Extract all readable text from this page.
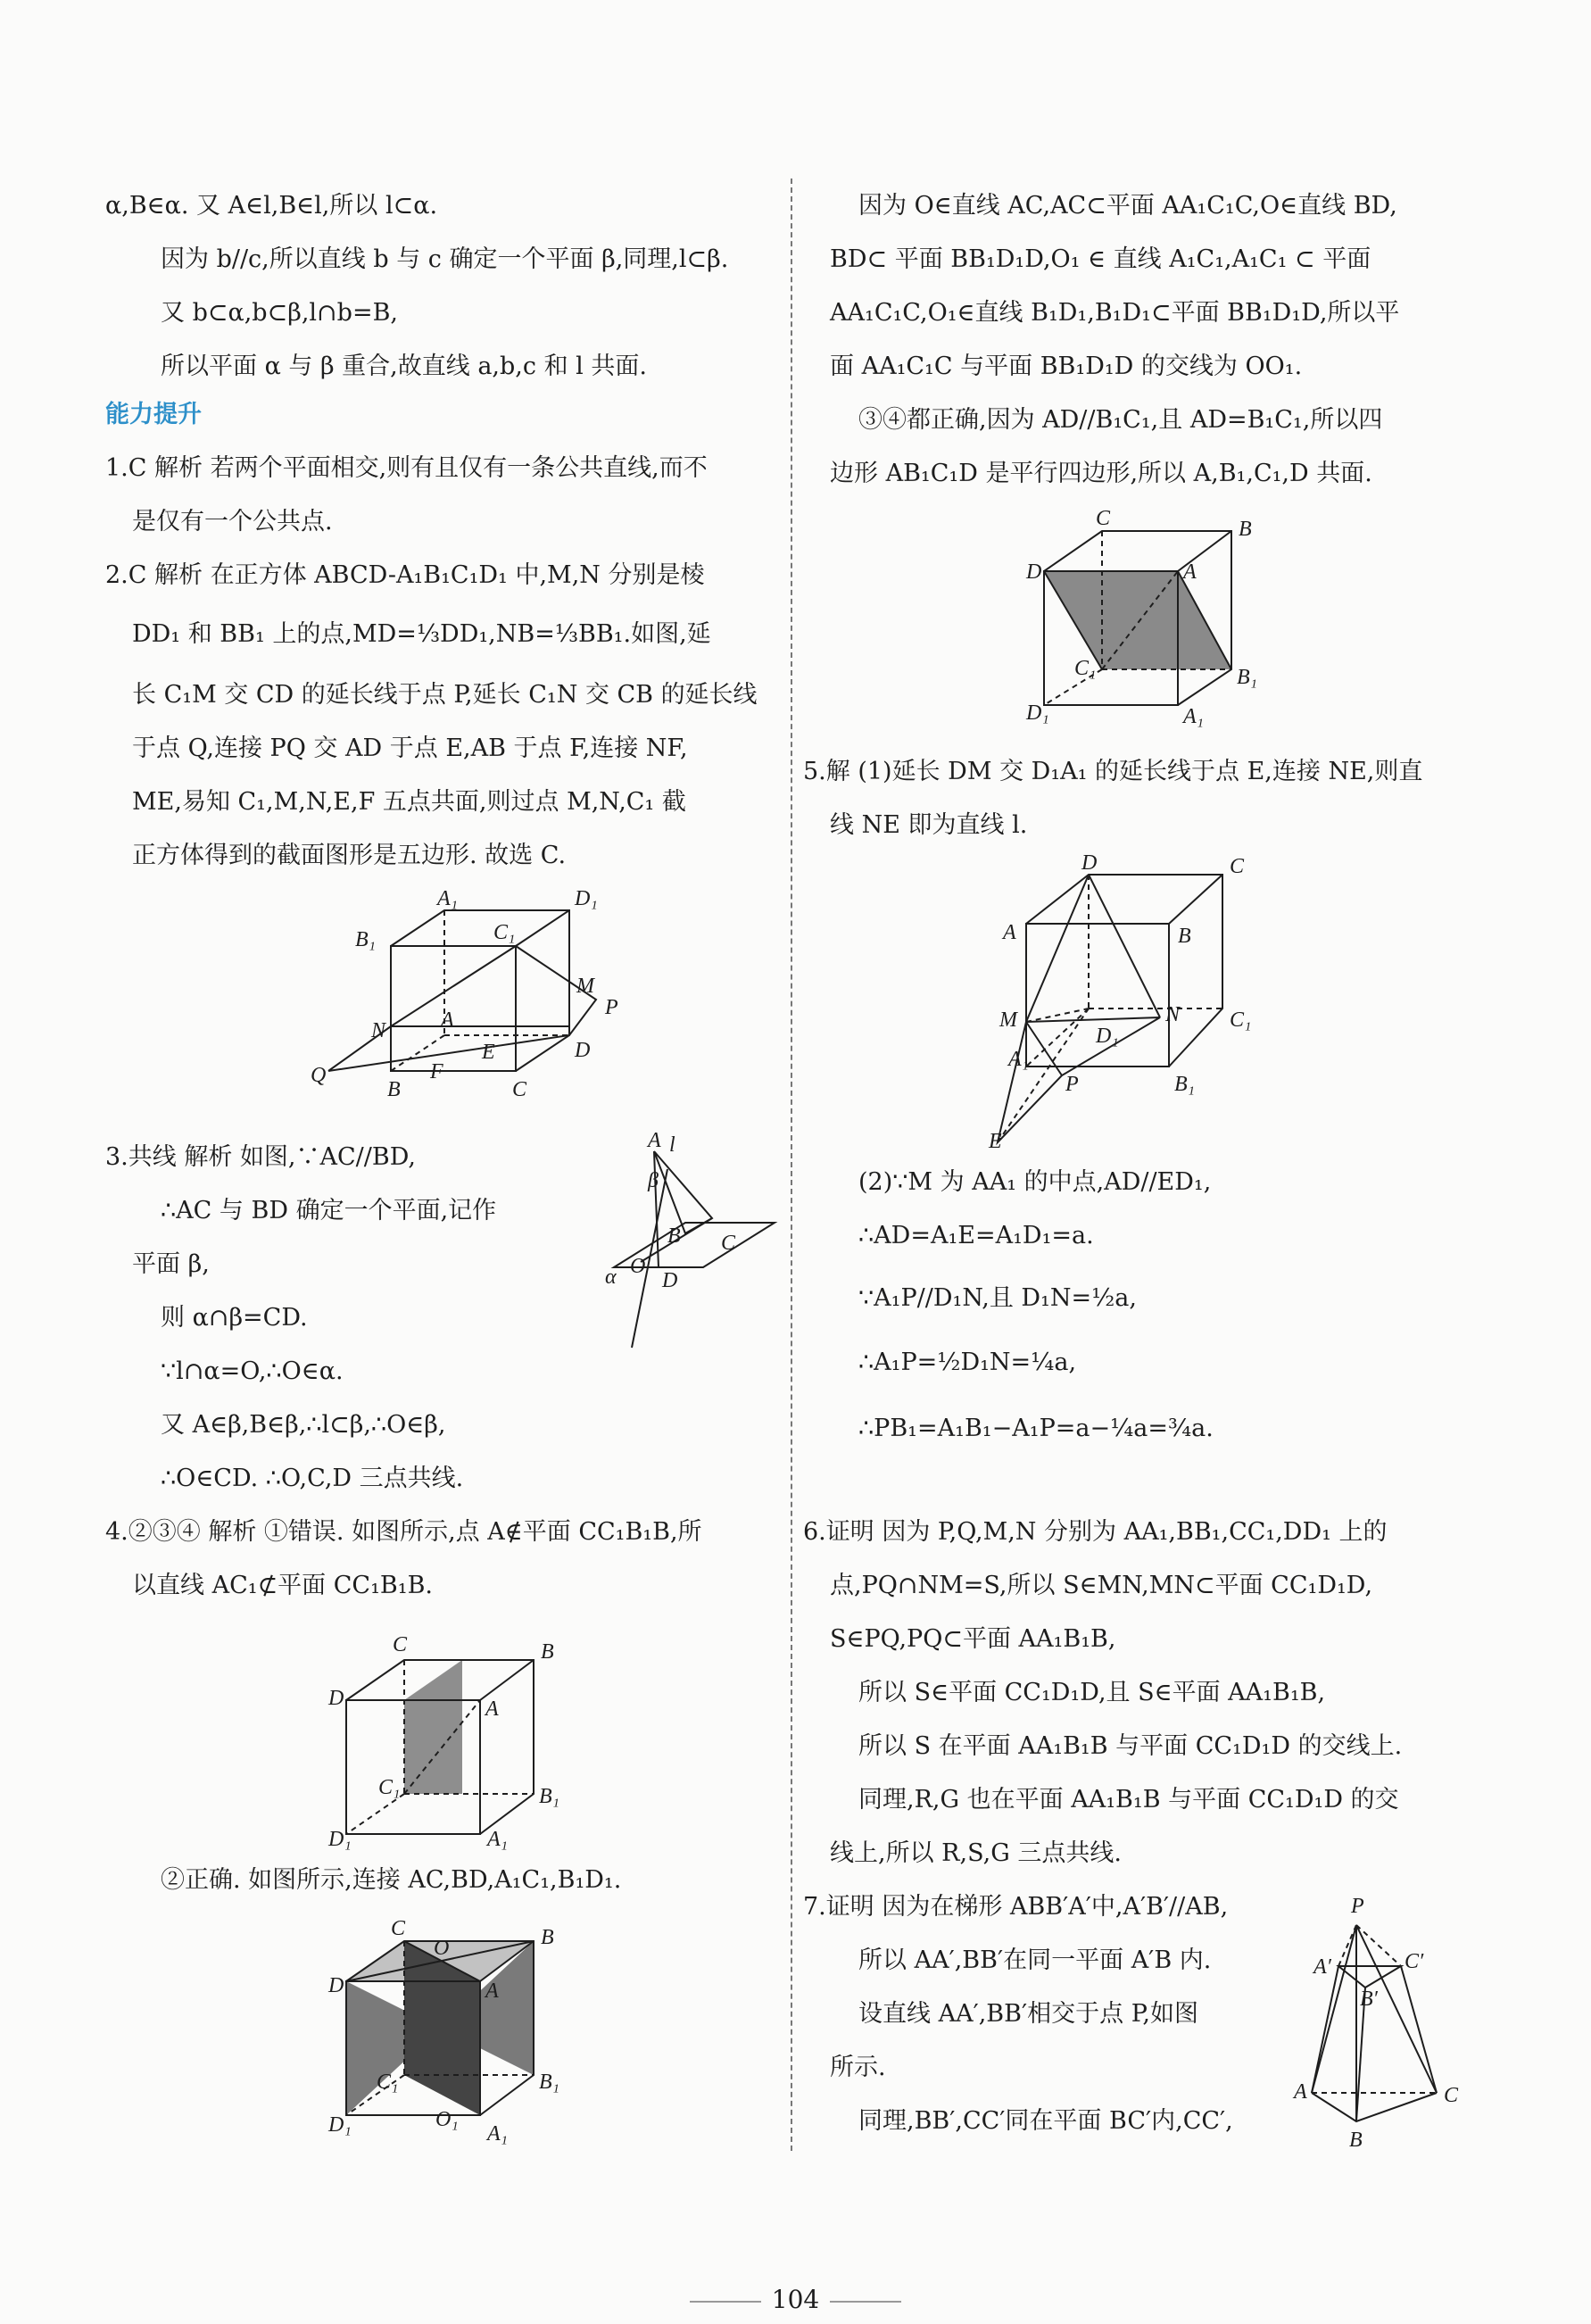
α,B∈α. 又 A∈l,B∈l,所以 l⊂α.
因为 b//c,所以直线 b 与 c 确定一个平面 β,同理,l⊂β.
又 b⊂α,b⊂β,l∩b=B,
所以平面 α 与 β 重合,故直线 a,b,c 和 l 共面.
能力提升
1.C 解析 若两个平面相交,则有且仅有一条公共直线,而不
是仅有一个公共点.
2.C 解析 在正方体 ABCD-A₁B₁C₁D₁ 中,M,N 分别是棱
DD₁ 和 BB₁ 上的点,MD=⅓DD₁,NB=⅓BB₁.如图,延
长 C₁M 交 CD 的延长线于点 P,延长 C₁N 交 CB 的延长线
于点 Q,连接 PQ 交 AD 于点 E,AB 于点 F,连接 NF,
ME,易知 C₁,M,N,E,F 五点共面,则过点 M,N,C₁ 截
正方体得到的截面图形是五边形. 故选 C.
A₁	D₁
B₁	C₁
M
P
N	A
E	D
Q
B
F
C
3.共线 解析 如图,∵AC//BD,
∴AC 与 BD 确定一个平面,记作
平面 β,
则 α∩β=CD.
∵l∩α=O,∴O∈α.
又 A∈β,B∈β,∴l⊂β,∴O∈β,
∴O∈CD. ∴O,C,D 三点共线.
A l
β
B C
O
D
α
4.②③④ 解析 ①错误. 如图所示,点 A∉平面 CC₁B₁B,所
以直线 AC₁⊄平面 CC₁B₁B.
C	B
D	A
C₁	B₁
D₁	A₁
②正确. 如图所示,连接 AC,BD,A₁C₁,B₁D₁.
C
O	B
D	A
C₁	B₁
D₁	O₁
A₁
因为 O∈直线 AC,AC⊂平面 AA₁C₁C,O∈直线 BD,
BD⊂ 平面 BB₁D₁D,O₁ ∈ 直线 A₁C₁,A₁C₁ ⊂ 平面
AA₁C₁C,O₁∈直线 B₁D₁,B₁D₁⊂平面 BB₁D₁D,所以平
面 AA₁C₁C 与平面 BB₁D₁D 的交线为 OO₁.
③④都正确,因为 AD//B₁C₁,且 AD=B₁C₁,所以四
边形 AB₁C₁D 是平行四边形,所以 A,B₁,C₁,D 共面.
C	B
D	A
C₁	B₁
D₁	A₁
5.解 (1)延长 DM 交 D₁A₁ 的延长线于点 E,连接 NE,则直
线 NE 即为直线 l.
D	C
A	B
M	N C₁
D₁
A₁
P	B₁
E
(2)∵M 为 AA₁ 的中点,AD//ED₁,
∴AD=A₁E=A₁D₁=a.
∵A₁P//D₁N,且 D₁N=½a,
∴A₁P=½D₁N=¼a,
∴PB₁=A₁B₁−A₁P=a−¼a=¾a.
6.证明 因为 P,Q,M,N 分别为 AA₁,BB₁,CC₁,DD₁ 上的
点,PQ∩NM=S,所以 S∈MN,MN⊂平面 CC₁D₁D,
S∈PQ,PQ⊂平面 AA₁B₁B,
所以 S∈平面 CC₁D₁D,且 S∈平面 AA₁B₁B,
所以 S 在平面 AA₁B₁B 与平面 CC₁D₁D 的交线上.
同理,R,G 也在平面 AA₁B₁B 与平面 CC₁D₁D 的交
线上,所以 R,S,G 三点共线.
7.证明 因为在梯形 ABB′A′中,A′B′//AB,
所以 AA′,BB′在同一平面 A′B 内.
设直线 AA′,BB′相交于点 P,如图
所示.
同理,BB′,CC′同在平面 BC′内,CC′,
P
A′	C′
B′
A	C
B
104
